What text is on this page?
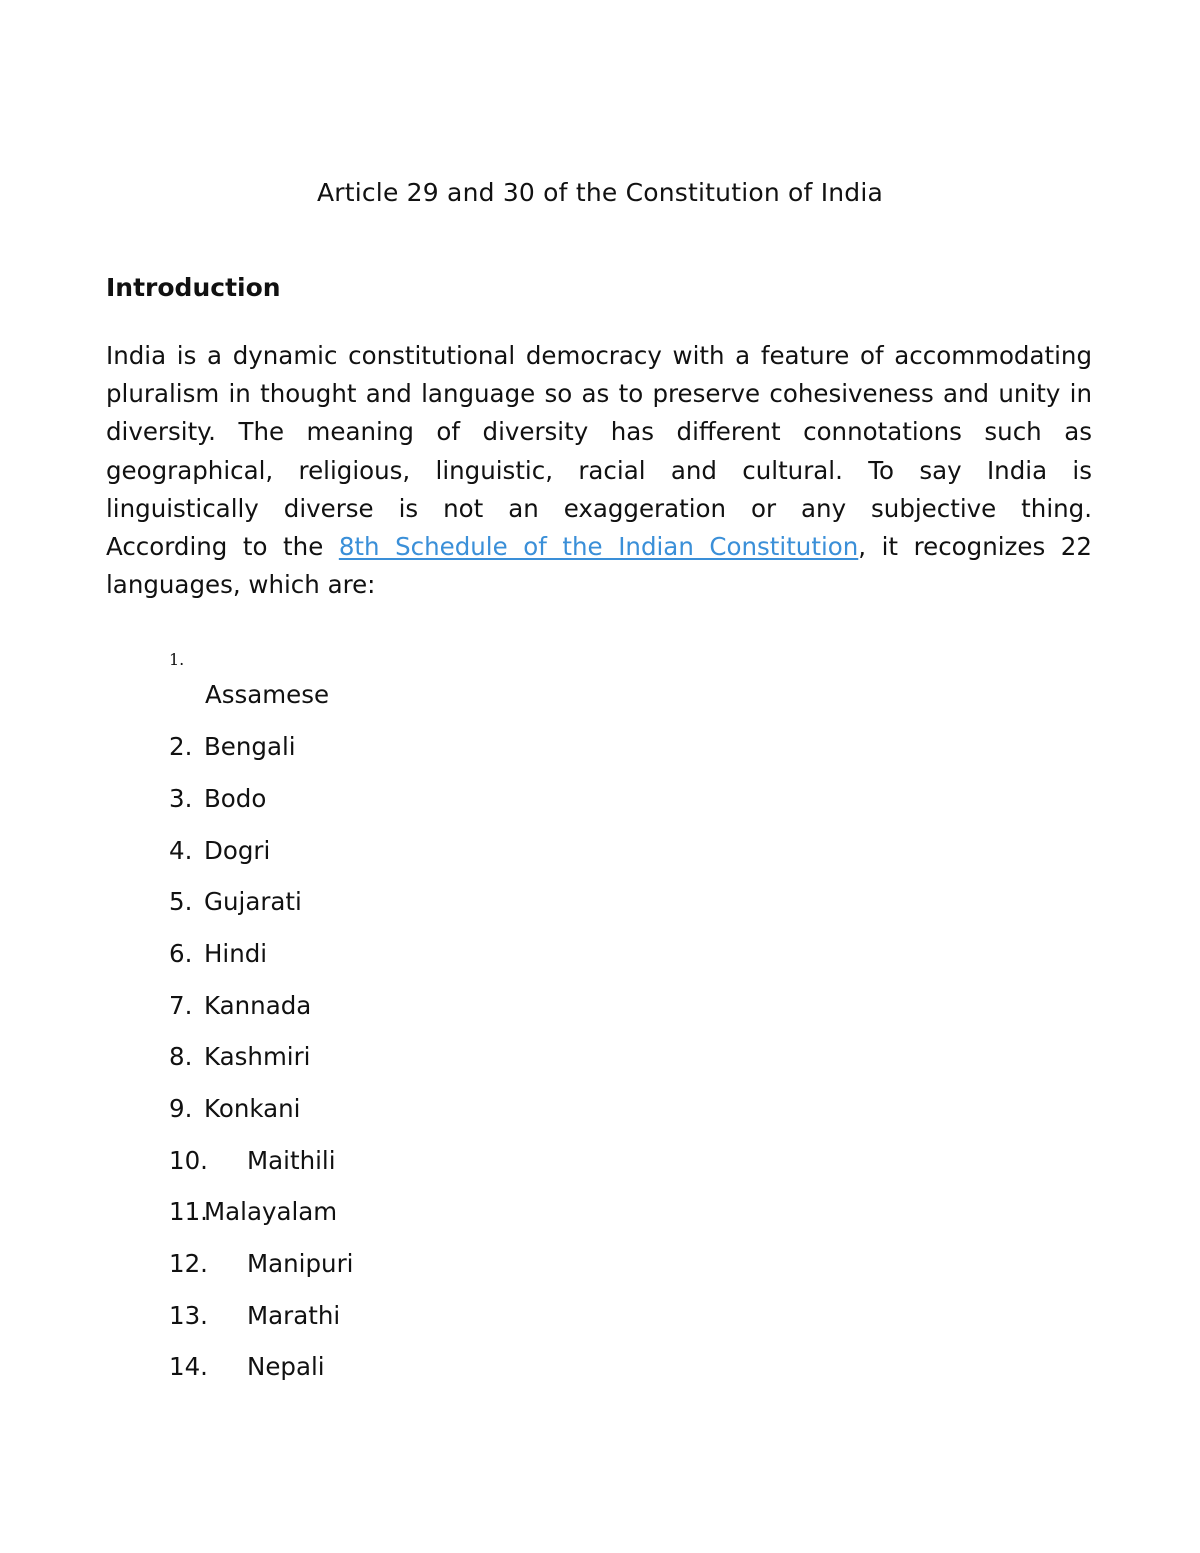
Article 29 and 30 of the Constitution of India
Introduction
India is a dynamic constitutional democracy with a feature of accommodating
pluralism in thought and language so as to preserve cohesiveness and unity in
diversity. The meaning of diversity has different connotations such as
geographical, religious, linguistic, racial and cultural. To say India is
linguistically diverse is not an exaggeration or any subjective thing.
According to the 8th Schedule of the Indian Constitution, it recognizes 22
languages, which are:
1.
Assamese
2. Bengali
3. Bodo
4. Dogri
5. Gujarati
6. Hindi
7. Kannada
8. Kashmiri
9. Konkani
10. Maithili
11.
Malayalam
12. Manipuri
13. Marathi
14. Nepali
